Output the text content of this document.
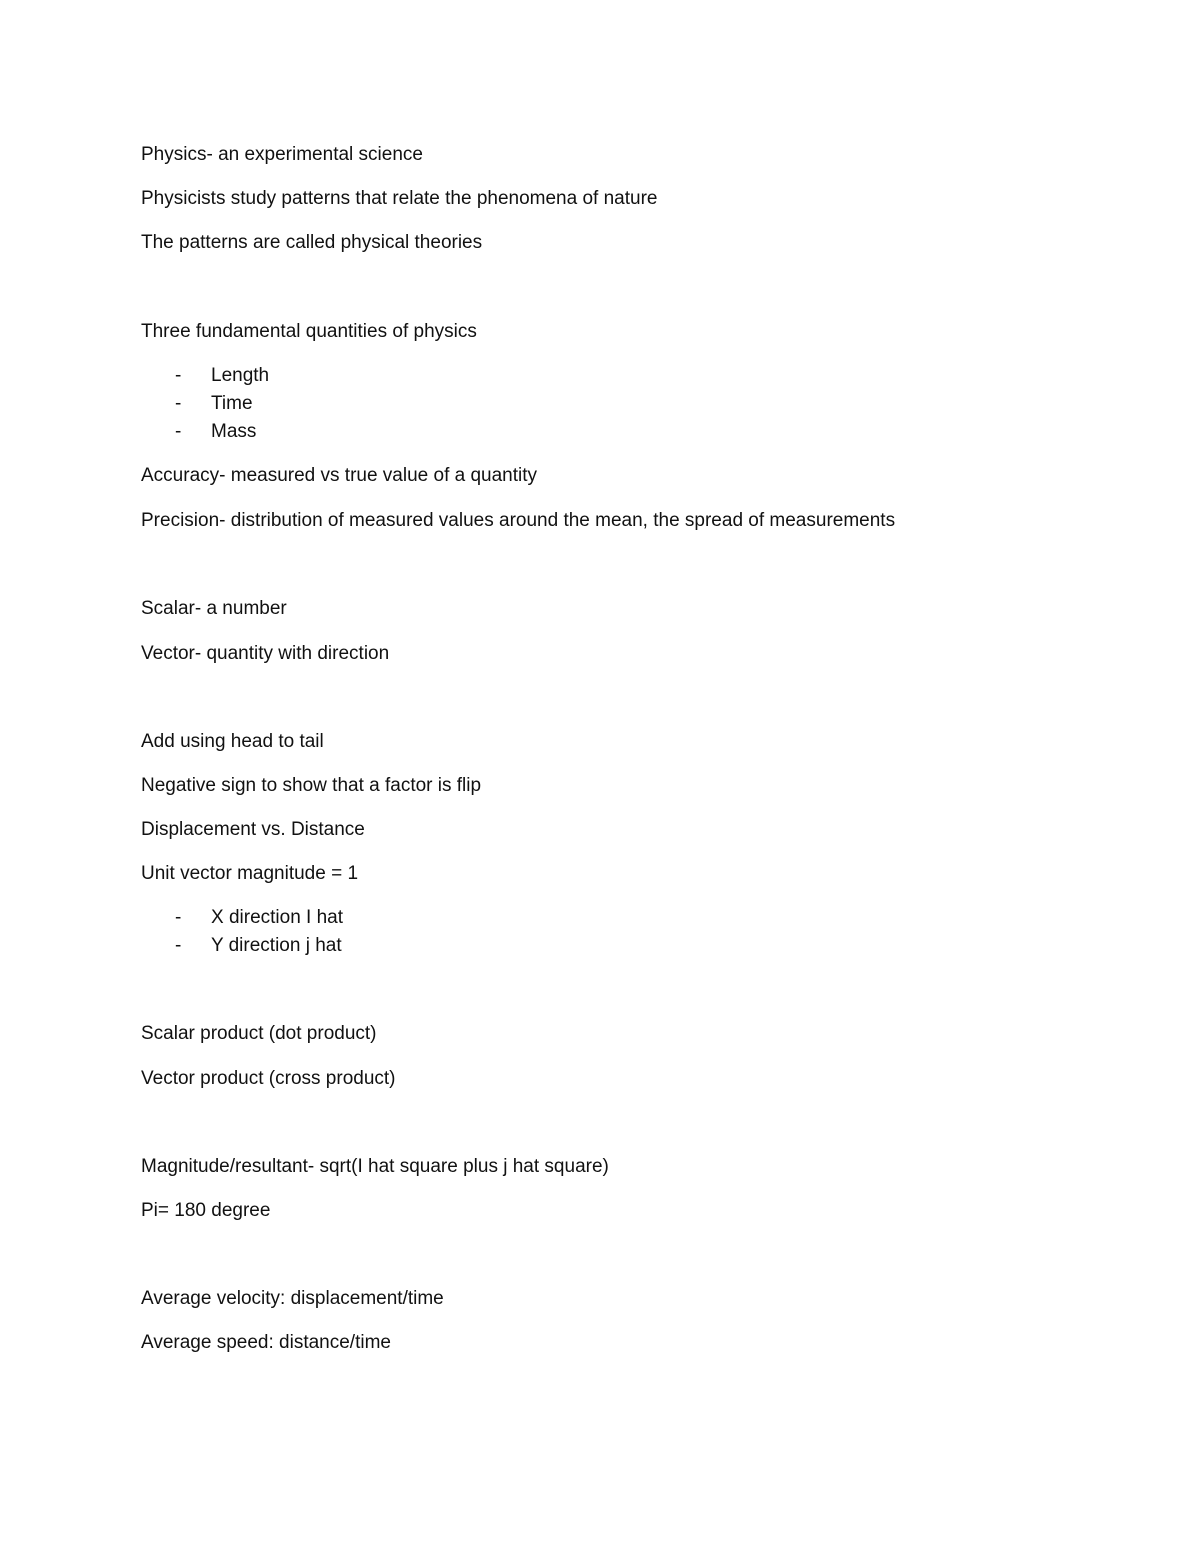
Physics- an experimental science
Physicists study patterns that relate the phenomena of nature
The patterns are called physical theories
Three fundamental quantities of physics
- Length
- Time
- Mass
Accuracy- measured vs true value of a quantity
Precision- distribution of measured values around the mean, the spread of measurements
Scalar- a number
Vector- quantity with direction
Add using head to tail
Negative sign to show that a factor is flip
Displacement vs. Distance
Unit vector magnitude = 1
- X direction I hat
- Y direction j hat
Scalar product (dot product)
Vector product (cross product)
Magnitude/resultant- sqrt(I hat square plus j hat square)
Pi= 180 degree
Average velocity: displacement/time
Average speed: distance/time
